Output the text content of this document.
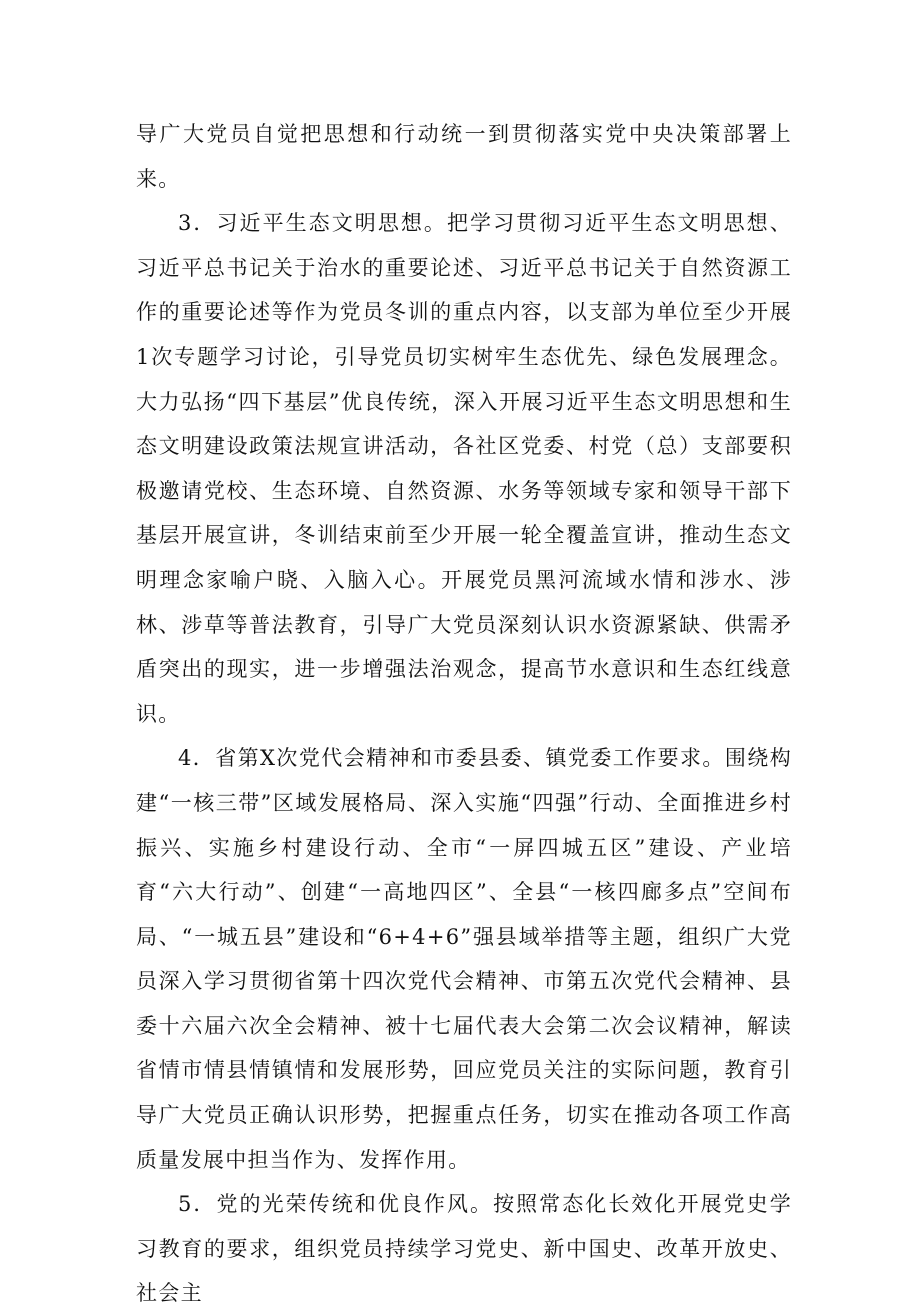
导广大党员自觉把思想和行动统一到贯彻落实党中央决策部署上来。

3．习近平生态文明思想。把学习贯彻习近平生态文明思想、习近平总书记关于治水的重要论述、习近平总书记关于自然资源工作的重要论述等作为党员冬训的重点内容，以支部为单位至少开展1次专题学习讨论，引导党员切实树牢生态优先、绿色发展理念。大力弘扬“四下基层”优良传统，深入开展习近平生态文明思想和生态文明建设政策法规宣讲活动，各社区党委、村党（总）支部要积极邀请党校、生态环境、自然资源、水务等领域专家和领导干部下基层开展宣讲，冬训结束前至少开展一轮全覆盖宣讲，推动生态文明理念家喻户晓、入脑入心。开展党员黑河流域水情和涉水、涉林、涉草等普法教育，引导广大党员深刻认识水资源紧缺、供需矛盾突出的现实，进一步增强法治观念，提高节水意识和生态红线意识。

4．省第X次党代会精神和市委县委、镇党委工作要求。围绕构建“一核三带”区域发展格局、深入实施“四强”行动、全面推进乡村振兴、实施乡村建设行动、全市“一屏四城五区”建设、产业培育“六大行动”、创建“一高地四区”、全县“一核四廊多点”空间布局、“一城五县”建设和“6+4+6”强县域举措等主题，组织广大党员深入学习贯彻省第十四次党代会精神、市第五次党代会精神、县委十六届六次全会精神、被十七届代表大会第二次会议精神，解读省情市情县情镇情和发展形势，回应党员关注的实际问题，教育引导广大党员正确认识形势，把握重点任务，切实在推动各项工作高质量发展中担当作为、发挥作用。

5．党的光荣传统和优良作风。按照常态化长效化开展党史学习教育的要求，组织党员持续学习党史、新中国史、改革开放史、社会主
